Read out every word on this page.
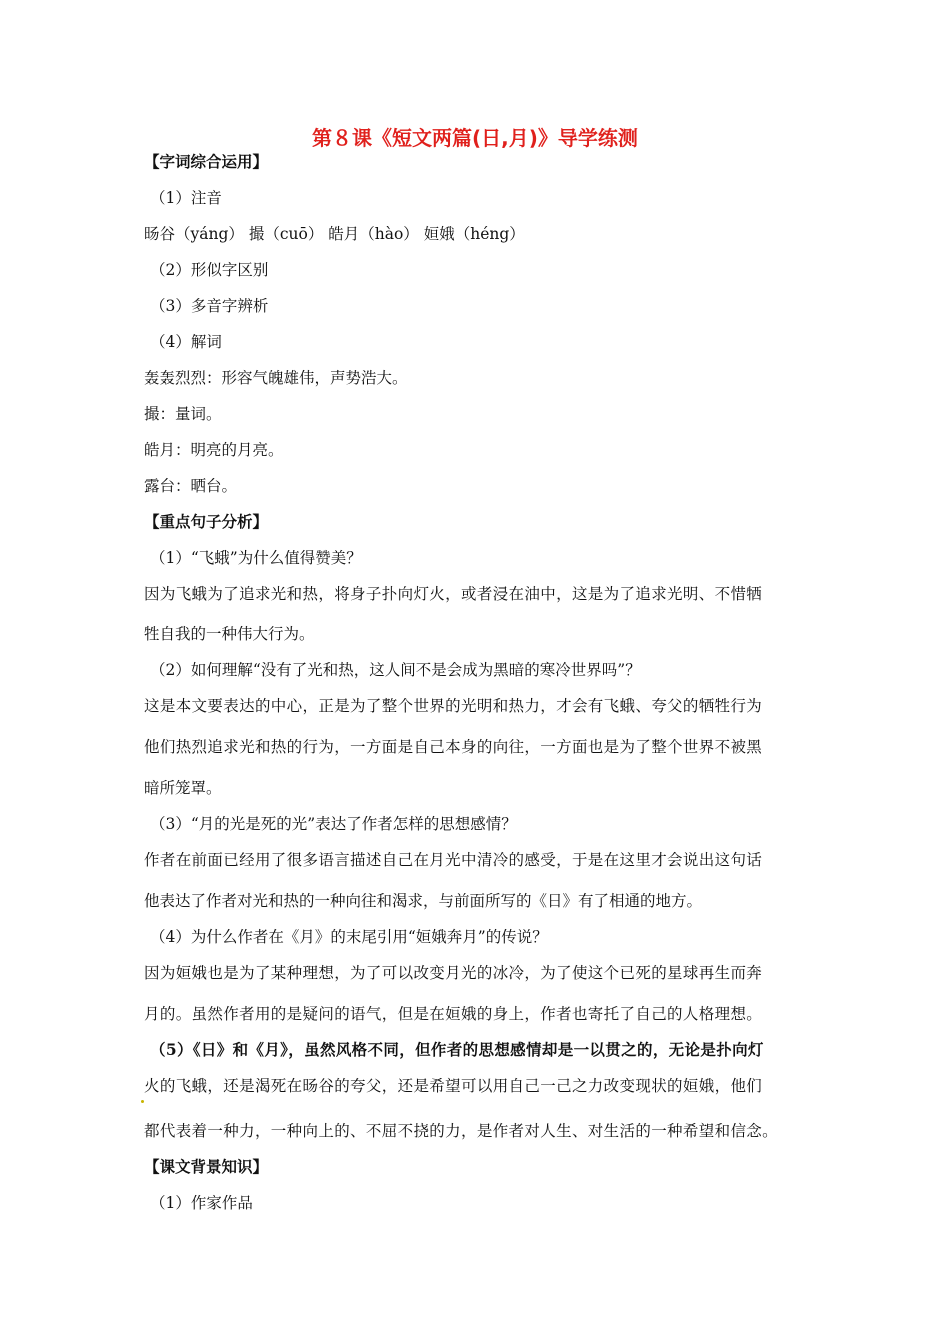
第８课《短文两篇(日,月)》导学练测
【字词综合运用】
（1）注音
旸谷（yáng） 撮（cuō） 皓月（hào） 姮娥（héng）
（2）形似字区别
（3）多音字辨析
（4）解词
轰轰烈烈：形容气魄雄伟，声势浩大。
撮：量词。
皓月：明亮的月亮。
露台：晒台。
【重点句子分析】
（1）“飞蛾”为什么值得赞美？
因为飞蛾为了追求光和热，将身子扑向灯火，或者浸在油中，这是为了追求光明、不惜牺
牲自我的一种伟大行为。
（2）如何理解“没有了光和热，这人间不是会成为黑暗的寒冷世界吗”？
这是本文要表达的中心，正是为了整个世界的光明和热力，才会有飞蛾、夸父的牺牲行为
他们热烈追求光和热的行为，一方面是自己本身的向往，一方面也是为了整个世界不被黑
暗所笼罩。
（3）“月的光是死的光”表达了作者怎样的思想感情？
作者在前面已经用了很多语言描述自己在月光中清冷的感受，于是在这里才会说出这句话
他表达了作者对光和热的一种向往和渴求，与前面所写的《日》有了相通的地方。
（4）为什么作者在《月》的末尾引用“姮娥奔月”的传说？
因为姮娥也是为了某种理想，为了可以改变月光的冰冷，为了使这个已死的星球再生而奔
月的。虽然作者用的是疑问的语气，但是在姮娥的身上，作者也寄托了自己的人格理想。
（5）《日》和《月》，虽然风格不同，但作者的思想感情却是一以贯之的，无论是扑向灯
火的飞蛾，还是渴死在旸谷的夸父，还是希望可以用自己一己之力改变现状的姮娥，他们
都代表着一种力，一种向上的、不屈不挠的力，是作者对人生、对生活的一种希望和信念。
【课文背景知识】
（1）作家作品
